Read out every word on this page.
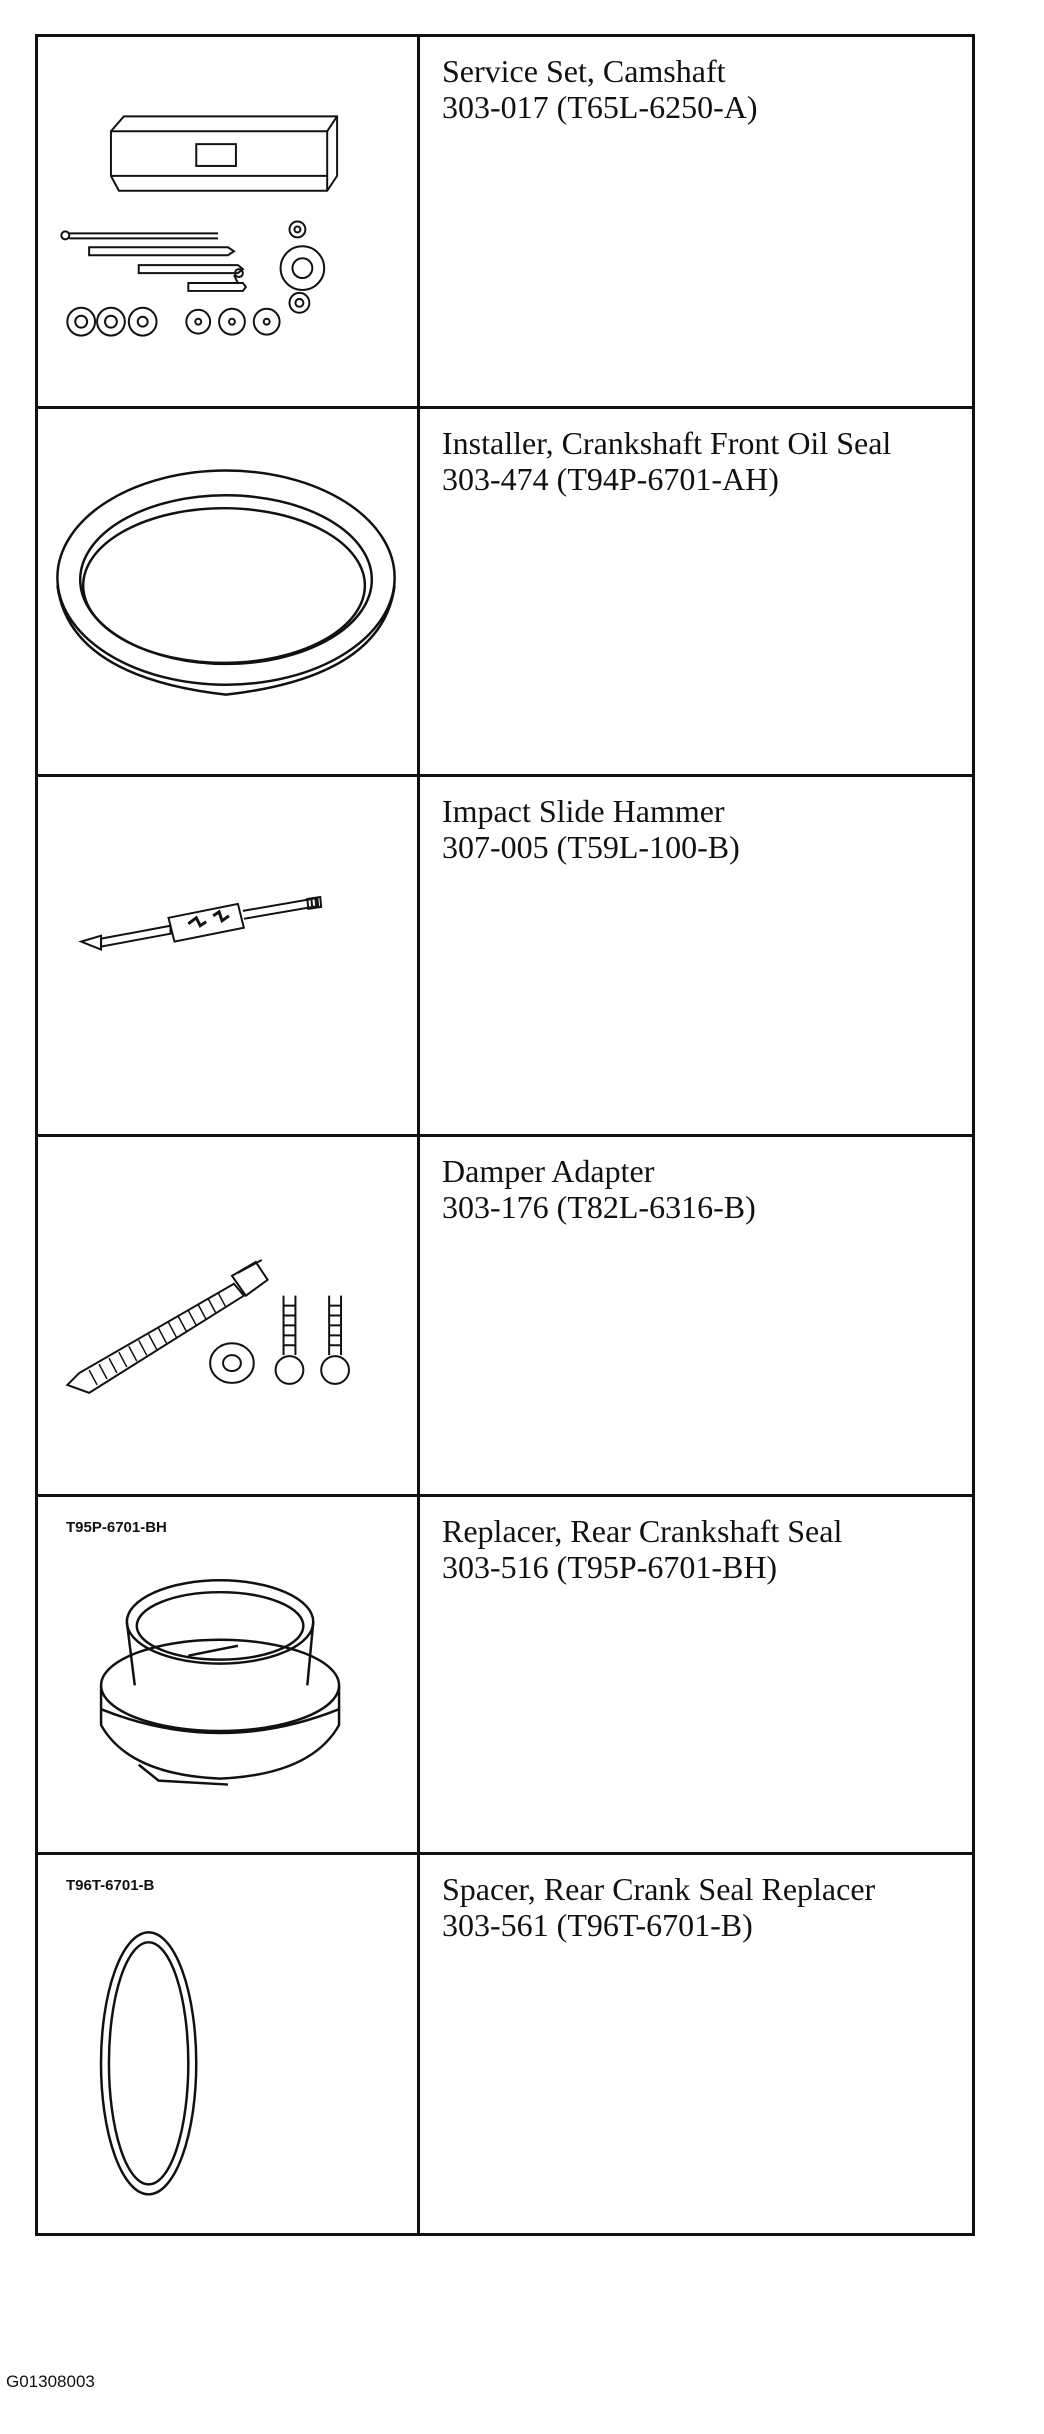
Service Set, Camshaft
303-017 (T65L-6250-A)

Installer, Crankshaft Front Oil Seal
303-474 (T94P-6701-AH)

Impact Slide Hammer
307-005 (T59L-100-B)

Damper Adapter
303-176 (T82L-6316-B)

T95P-6701-BH	Replacer, Rear Crankshaft Seal
303-516 (T95P-6701-BH)

T96T-6701-B	Spacer, Rear Crank Seal Replacer
303-561 (T96T-6701-B)
G01308003
